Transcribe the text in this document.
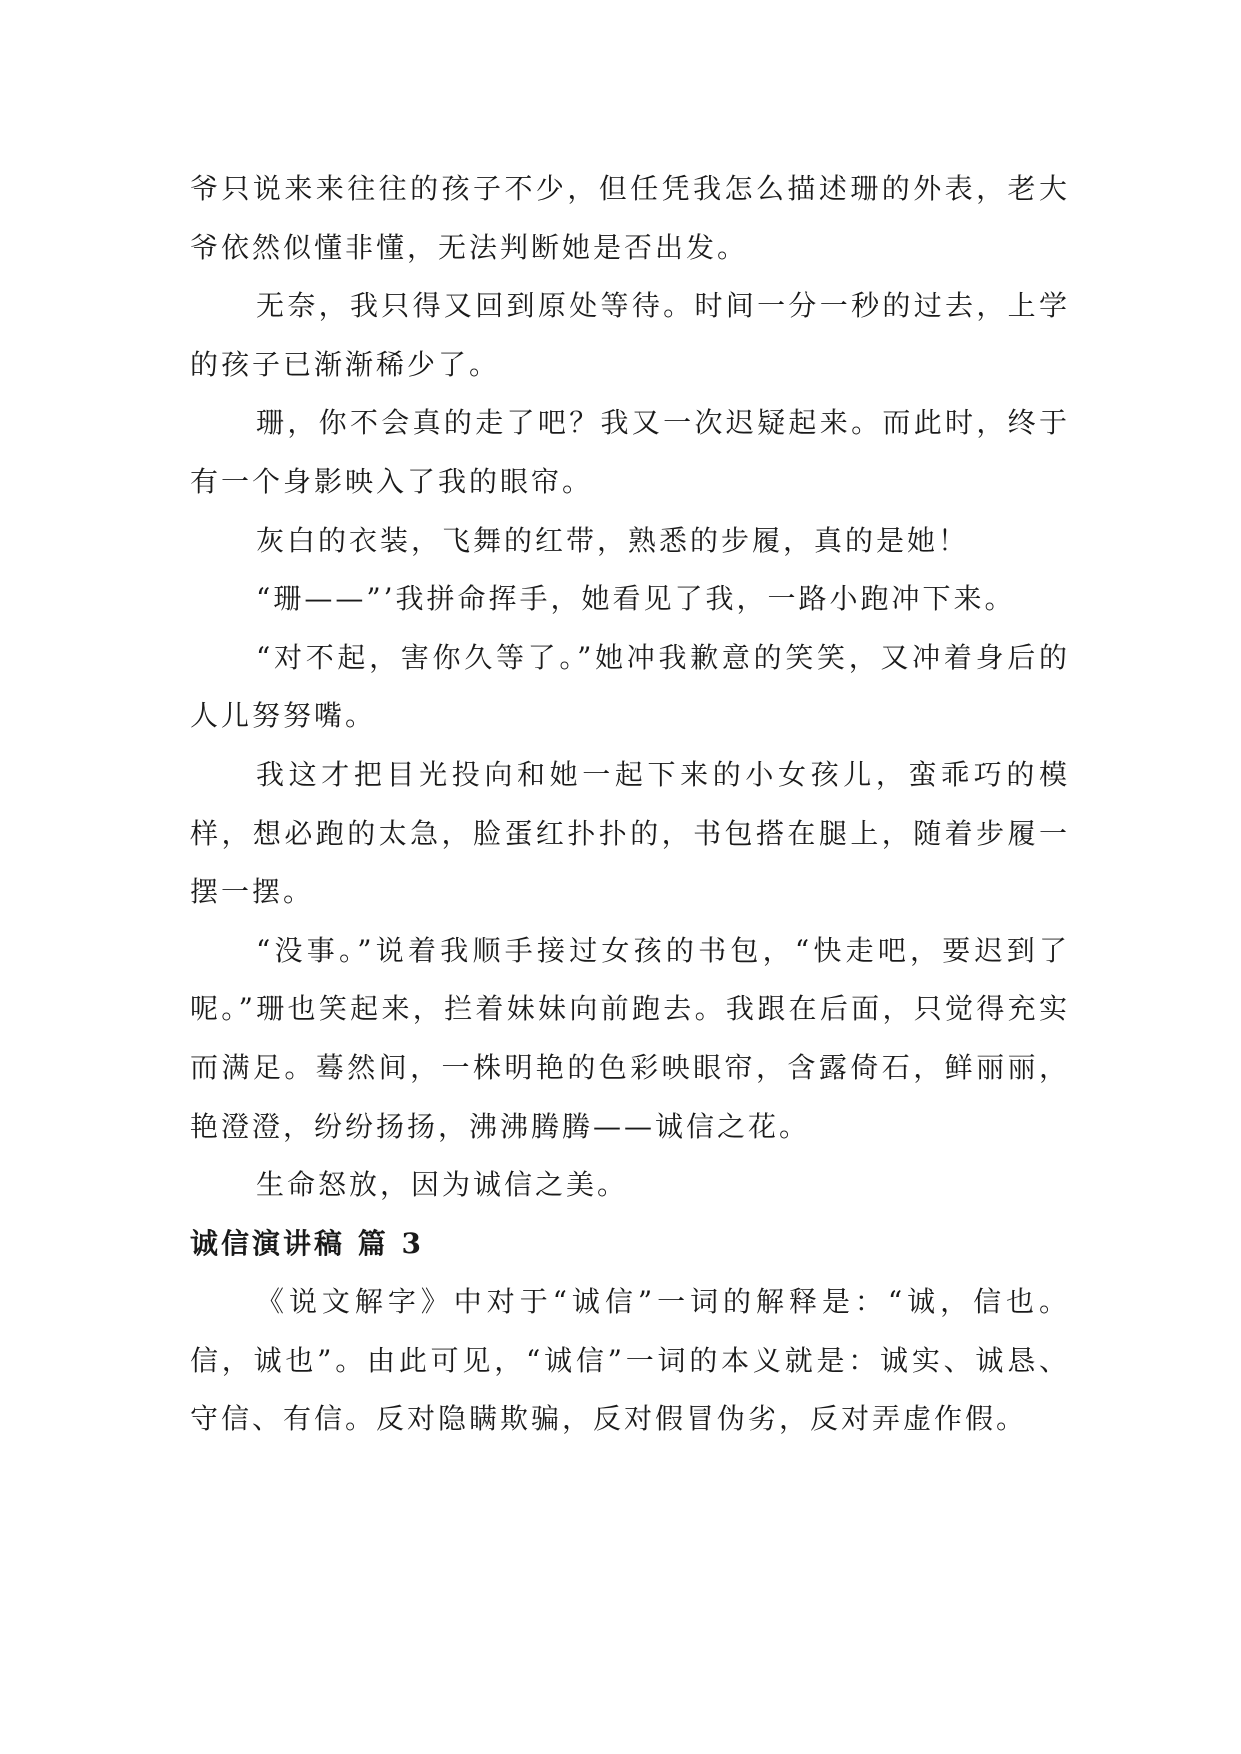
爷只说来来往往的孩子不少，但任凭我怎么描述珊的外表，老大爷依然似懂非懂，无法判断她是否出发。

无奈，我只得又回到原处等待。时间一分一秒的过去，上学的孩子已渐渐稀少了。

珊，你不会真的走了吧？我又一次迟疑起来。而此时，终于有一个身影映入了我的眼帘。

灰白的衣装，飞舞的红带，熟悉的步履，真的是她！

“珊——”’我拼命挥手，她看见了我，一路小跑冲下来。

“对不起，害你久等了。”她冲我歉意的笑笑，又冲着身后的人儿努努嘴。

我这才把目光投向和她一起下来的小女孩儿，蛮乖巧的模样，想必跑的太急，脸蛋红扑扑的，书包搭在腿上，随着步履一摆一摆。

“没事。”说着我顺手接过女孩的书包，“快走吧，要迟到了呢。”珊也笑起来，拦着妹妹向前跑去。我跟在后面，只觉得充实而满足。蓦然间，一株明艳的色彩映眼帘，含露倚石，鲜丽丽，艳澄澄，纷纷扬扬，沸沸腾腾——诚信之花。

生命怒放，因为诚信之美。

诚信演讲稿 篇 3

《说文解字》中对于“诚信”一词的解释是：“诚，信也。信，诚也”。由此可见，“诚信”一词的本义就是：诚实、诚恳、守信、有信。反对隐瞒欺骗，反对假冒伪劣，反对弄虚作假。
